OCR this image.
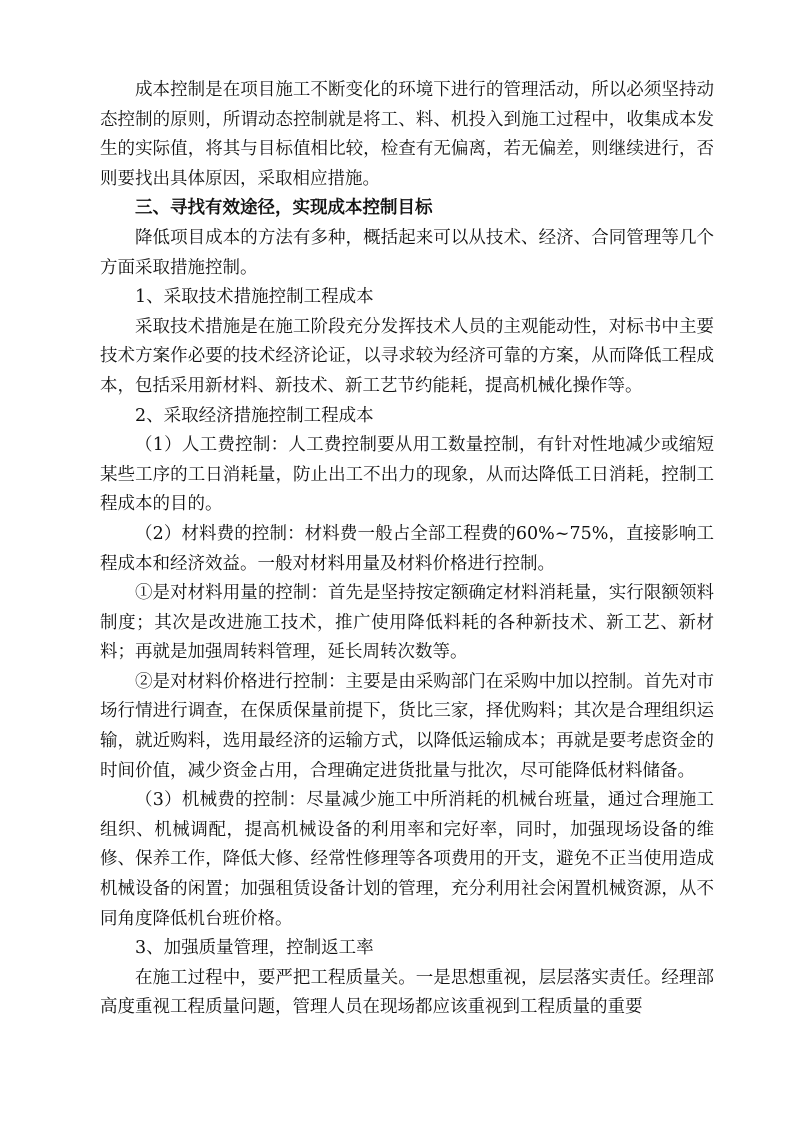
成本控制是在项目施工不断变化的环境下进行的管理活动，所以必须坚持动态控制的原则，所谓动态控制就是将工、料、机投入到施工过程中，收集成本发生的实际值，将其与目标值相比较，检查有无偏离，若无偏差，则继续进行，否则要找出具体原因，采取相应措施。

三、寻找有效途径，实现成本控制目标

降低项目成本的方法有多种，概括起来可以从技术、经济、合同管理等几个方面采取措施控制。

1、采取技术措施控制工程成本

采取技术措施是在施工阶段充分发挥技术人员的主观能动性，对标书中主要技术方案作必要的技术经济论证，以寻求较为经济可靠的方案，从而降低工程成本，包括采用新材料、新技术、新工艺节约能耗，提高机械化操作等。

2、采取经济措施控制工程成本

（1）人工费控制：人工费控制要从用工数量控制，有针对性地减少或缩短某些工序的工日消耗量，防止出工不出力的现象，从而达降低工日消耗，控制工程成本的目的。

（2）材料费的控制：材料费一般占全部工程费的60%~75%，直接影响工程成本和经济效益。一般对材料用量及材料价格进行控制。

①是对材料用量的控制：首先是坚持按定额确定材料消耗量，实行限额领料制度；其次是改进施工技术，推广使用降低料耗的各种新技术、新工艺、新材料；再就是加强周转料管理，延长周转次数等。

②是对材料价格进行控制：主要是由采购部门在采购中加以控制。首先对市场行情进行调查，在保质保量前提下，货比三家，择优购料；其次是合理组织运输，就近购料，选用最经济的运输方式，以降低运输成本；再就是要考虑资金的时间价值，减少资金占用，合理确定进货批量与批次，尽可能降低材料储备。

（3）机械费的控制：尽量减少施工中所消耗的机械台班量，通过合理施工组织、机械调配，提高机械设备的利用率和完好率，同时，加强现场设备的维修、保养工作，降低大修、经常性修理等各项费用的开支，避免不正当使用造成机械设备的闲置；加强租赁设备计划的管理，充分利用社会闲置机械资源，从不同角度降低机台班价格。

3、加强质量管理，控制返工率

在施工过程中，要严把工程质量关。一是思想重视，层层落实责任。经理部高度重视工程质量问题，管理人员在现场都应该重视到工程质量的重要
